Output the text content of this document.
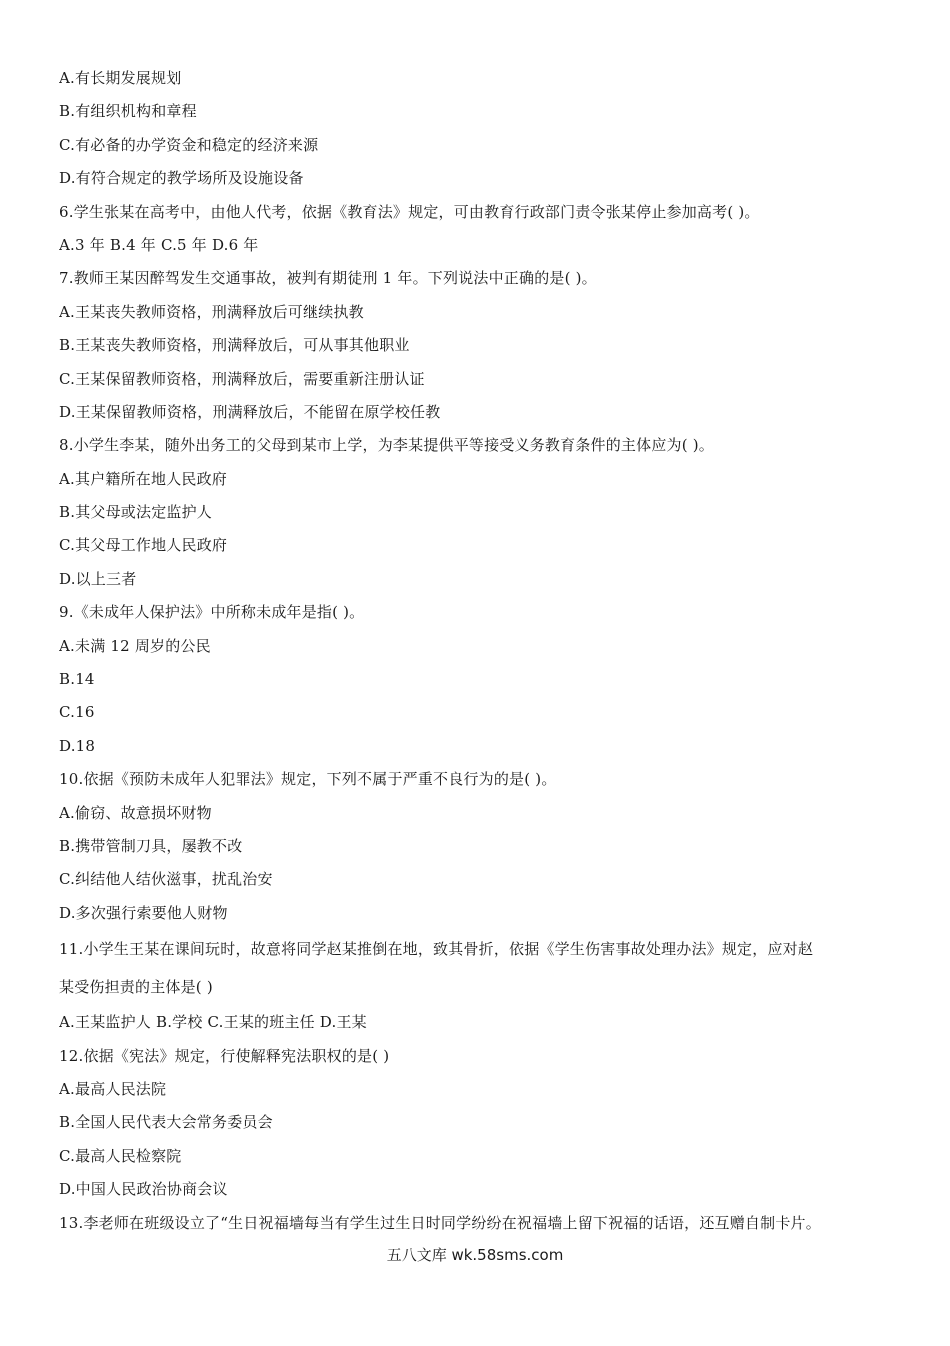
A.有长期发展规划
B.有组织机构和章程
C.有必备的办学资金和稳定的经济来源
D.有符合规定的教学场所及设施设备
6.学生张某在高考中，由他人代考，依据《教育法》规定，可由教育行政部门责令张某停止参加高考( )。
A.3 年 B.4 年 C.5 年 D.6 年
7.教师王某因醉驾发生交通事故，被判有期徒刑 1 年。下列说法中正确的是( )。
A.王某丧失教师资格，刑满释放后可继续执教
B.王某丧失教师资格，刑满释放后，可从事其他职业
C.王某保留教师资格，刑满释放后，需要重新注册认证
D.王某保留教师资格，刑满释放后，不能留在原学校任教
8.小学生李某，随外出务工的父母到某市上学，为李某提供平等接受义务教育条件的主体应为( )。
A.其户籍所在地人民政府
B.其父母或法定监护人
C.其父母工作地人民政府
D.以上三者
9.《未成年人保护法》中所称未成年是指( )。
A.未满 12 周岁的公民
B.14
C.16
D.18
10.依据《预防未成年人犯罪法》规定，下列不属于严重不良行为的是( )。
A.偷窃、故意损坏财物
B.携带管制刀具，屡教不改
C.纠结他人结伙滋事，扰乱治安
D.多次强行索要他人财物
11.小学生王某在课间玩时，故意将同学赵某推倒在地，致其骨折，依据《学生伤害事故处理办法》规定，应对赵
某受伤担责的主体是( )
A.王某监护人 B.学校 C.王某的班主任 D.王某
12.依据《宪法》规定，行使解释宪法职权的是( )
A.最高人民法院
B.全国人民代表大会常务委员会
C.最高人民检察院
D.中国人民政治协商会议
13.李老师在班级设立了“生日祝福墙每当有学生过生日时同学纷纷在祝福墙上留下祝福的话语，还互赠自制卡片。
五八文库 wk.58sms.com
